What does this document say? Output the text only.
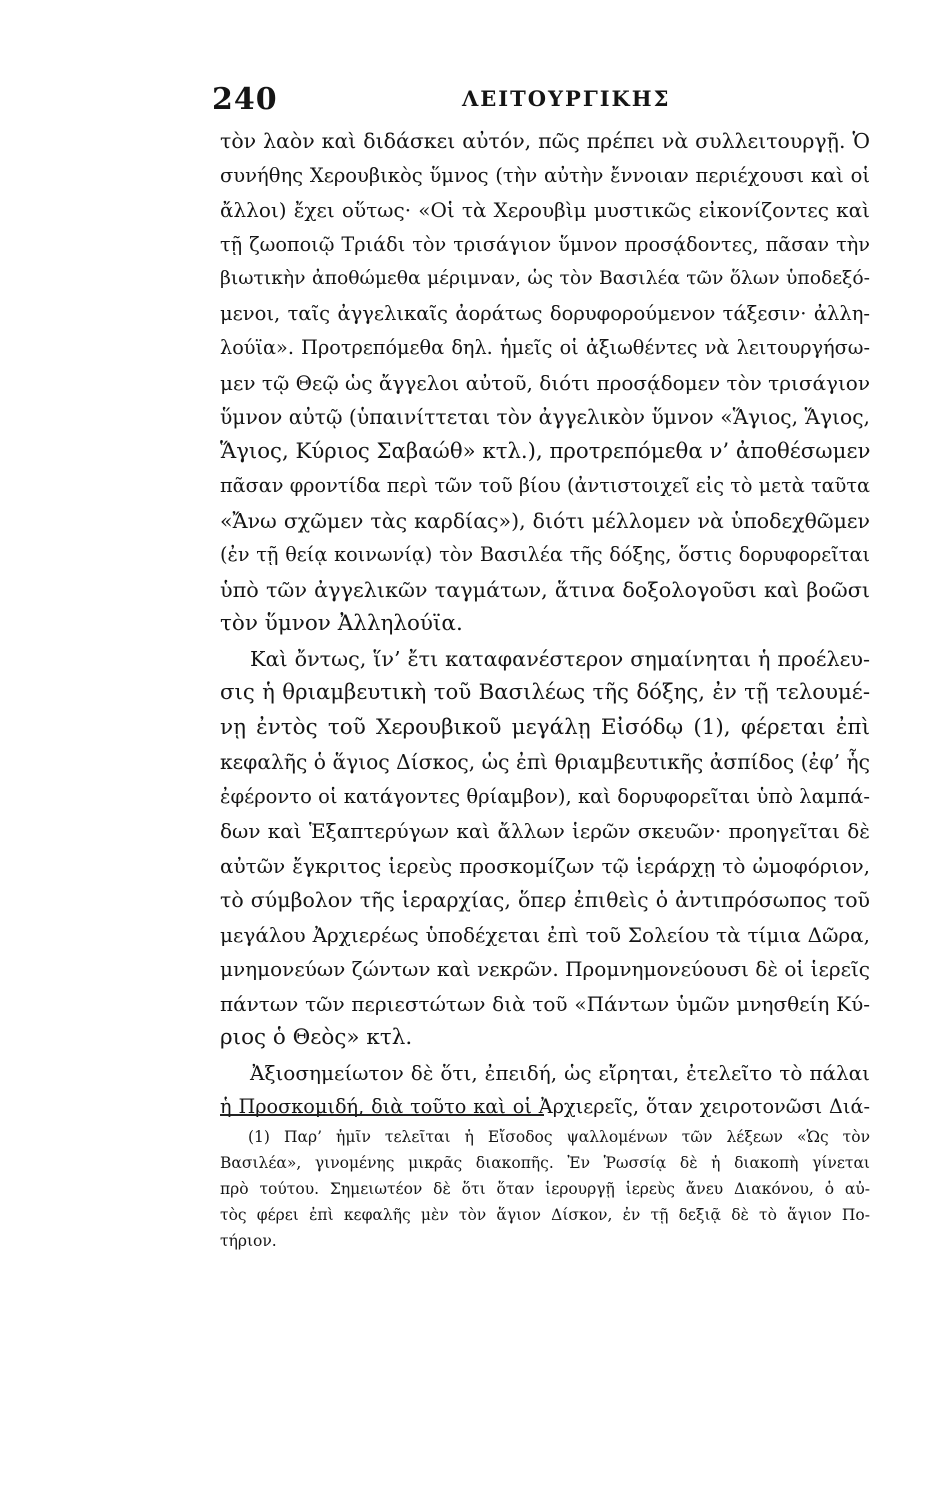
240	ΛΕΙΤΟΥΡΓΙΚΗΣ
τὸν λαὸν καὶ διδάσκει αὐτόν, πῶς πρέπει νὰ συλλειτουργῇ. Ὁ
συνήθης Χερουβικὸς ὕμνος (τὴν αὐτὴν ἔννοιαν περιέχουσι καὶ οἱ
ἄλλοι) ἔχει οὕτως· «Οἱ τὰ Χερουβὶμ μυστικῶς εἰκονίζοντες καὶ
τῇ ζωοποιῷ Τριάδι τὸν τρισάγιον ὕμνον προσᾴδοντες, πᾶσαν τὴν
βιωτικὴν ἀποθώμεθα μέριμναν, ὡς τὸν Βασιλέα τῶν ὅλων ὑποδεξό-
μενοι, ταῖς ἀγγελικαῖς ἀοράτως δορυφορούμενον τάξεσιν· ἀλλη-
λούϊα». Προτρεπόμεθα δηλ. ἡμεῖς οἱ ἀξιωθέντες νὰ λειτουργήσω-
μεν τῷ Θεῷ ὡς ἄγγελοι αὐτοῦ, διότι προσᾴδομεν τὸν τρισάγιον
ὕμνον αὐτῷ (ὑπαινίττεται τὸν ἀγγελικὸν ὕμνον «Ἅγιος, Ἅγιος,
Ἅγιος, Κύριος Σαβαώθ» κτλ.), προτρεπόμεθα ν’ ἀποθέσωμεν
πᾶσαν φροντίδα περὶ τῶν τοῦ βίου (ἀντιστοιχεῖ εἰς τὸ μετὰ ταῦτα
«Ἄνω σχῶμεν τὰς καρδίας»), διότι μέλλομεν νὰ ὑποδεχθῶμεν
(ἐν τῇ θείᾳ κοινωνίᾳ) τὸν Βασιλέα τῆς δόξης, ὅστις δορυφορεῖται
ὑπὸ τῶν ἀγγελικῶν ταγμάτων, ἅτινα δοξολογοῦσι καὶ βοῶσι
τὸν ὕμνον Ἀλληλούϊα.
Καὶ ὄντως, ἵν’ ἔτι καταφανέστερον σημαίνηται ἡ προέλευ-
σις ἡ θριαμβευτικὴ τοῦ Βασιλέως τῆς δόξης, ἐν τῇ τελουμέ-
νῃ ἐντὸς τοῦ Χερουβικοῦ μεγάλῃ Εἰσόδῳ (1), φέρεται ἐπὶ
κεφαλῆς ὁ ἅγιος Δίσκος, ὡς ἐπὶ θριαμβευτικῆς ἀσπίδος (ἐφ’ ἧς
ἐφέροντο οἱ κατάγοντες θρίαμβον), καὶ δορυφορεῖται ὑπὸ λαμπά-
δων καὶ Ἑξαπτερύγων καὶ ἄλλων ἱερῶν σκευῶν· προηγεῖται δὲ
αὐτῶν ἔγκριτος ἱερεὺς προσκομίζων τῷ ἱεράρχῃ τὸ ὠμοφόριον,
τὸ σύμβολον τῆς ἱεραρχίας, ὅπερ ἐπιθεὶς ὁ ἀντιπρόσωπος τοῦ
μεγάλου Ἀρχιερέως ὑποδέχεται ἐπὶ τοῦ Σολείου τὰ τίμια Δῶρα,
μνημονεύων ζώντων καὶ νεκρῶν. Προμνημονεύουσι δὲ οἱ ἱερεῖς
πάντων τῶν περιεστώτων διὰ τοῦ «Πάντων ὑμῶν μνησθείη Κύ-
ριος ὁ Θεὸς» κτλ.
Ἀξιοσημείωτον δὲ ὅτι, ἐπειδή, ὡς εἴρηται, ἐτελεῖτο τὸ πάλαι
ἡ Προσκομιδή, διὰ τοῦτο καὶ οἱ Ἀρχιερεῖς, ὅταν χειροτονῶσι Διά-
(1) Παρ’ ἡμῖν τελεῖται ἡ Εἴσοδος ψαλλομένων τῶν λέξεων «Ὡς τὸν
Βασιλέα», γινομένης μικρᾶς διακοπῆς. Ἐν Ῥωσσίᾳ δὲ ἡ διακοπὴ γίνεται
πρὸ τούτου. Σημειωτέον δὲ ὅτι ὅταν ἱερουργῇ ἱερεὺς ἄνευ Διακόνου, ὁ αὐ-
τὸς φέρει ἐπὶ κεφαλῆς μὲν τὸν ἅγιον Δίσκον, ἐν τῇ δεξιᾷ δὲ τὸ ἅγιον Πο-
τήριον.
